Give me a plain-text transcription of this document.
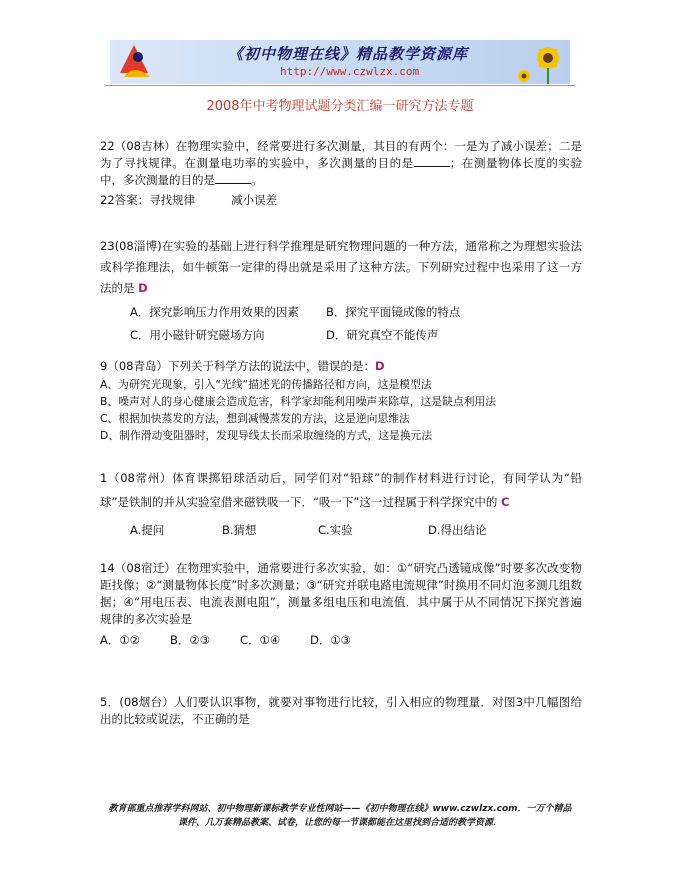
《初中物理在线》精品教学资源库
http://www.czwlzx.com
2008年中考物理试题分类汇编一研究方法专题
22（08吉林）在物理实验中，经常要进行多次测量，其目的有两个：一是为了减小误差；二是为了寻找规律。在测量电功率的实验中，多次测量的目的是	；在测量物体长度的实验中，多次测量的目的是	。
22答案：寻找规律	减小误差
23(08淄博)在实验的基础上进行科学推理是研究物理问题的一种方法，通常称之为理想实验法或科学推理法，如牛顿第一定律的得出就是采用了这种方法。下列研究过程中也采用了这一方法的是 D
A．探究影响压力作用效果的因素 B．探究平面镜成像的特点
C．用小磁针研究磁场方向	D．研究真空不能传声
9（08青岛）下列关于科学方法的说法中，错误的是：D
A、为研究光现象，引入“光线”描述光的传播路径和方向，这是模型法
B、噪声对人的身心健康会造成危害，科学家却能利用噪声来除草，这是缺点利用法
C、根据加快蒸发的方法，想到减慢蒸发的方法，这是逆向思维法
D、制作滑动变阻器时，发现导线太长而采取缠绕的方式，这是换元法
1（08常州）体育课掷铅球活动后，同学们对“铅球”的制作材料进行讨论，有同学认为“铅球”是铁制的并从实验室借来磁铁吸一下．“吸一下”这一过程属于科学探究中的 C
A.提问	B.猜想	C.实验	D.得出结论
14（08宿迁）在物理实验中，通常要进行多次实验，如：①“研究凸透镜成像”时要多次改变物距找像；②“测量物体长度”时多次测量；③“研究并联电路电流规律”时换用不同灯泡多测几组数据；④“用电压表、电流表测电阻”，测量多组电压和电流值．其中属于从不同情况下探究普遍规律的多次实验是
A．①②	B．②③	C．①④	D．①③
5．(08烟台）人们要认识事物，就要对事物进行比较，引入相应的物理量．对图3中几幅图给出的比较或说法，不正确的是
教育部重点推荐学科网站、初中物理新课标教学专业性网站——《初中物理在线》www.czwlzx.com．一万个精品
课件、几万套精品教案、试卷，让您的每一节课都能在这里找到合适的教学资源．
